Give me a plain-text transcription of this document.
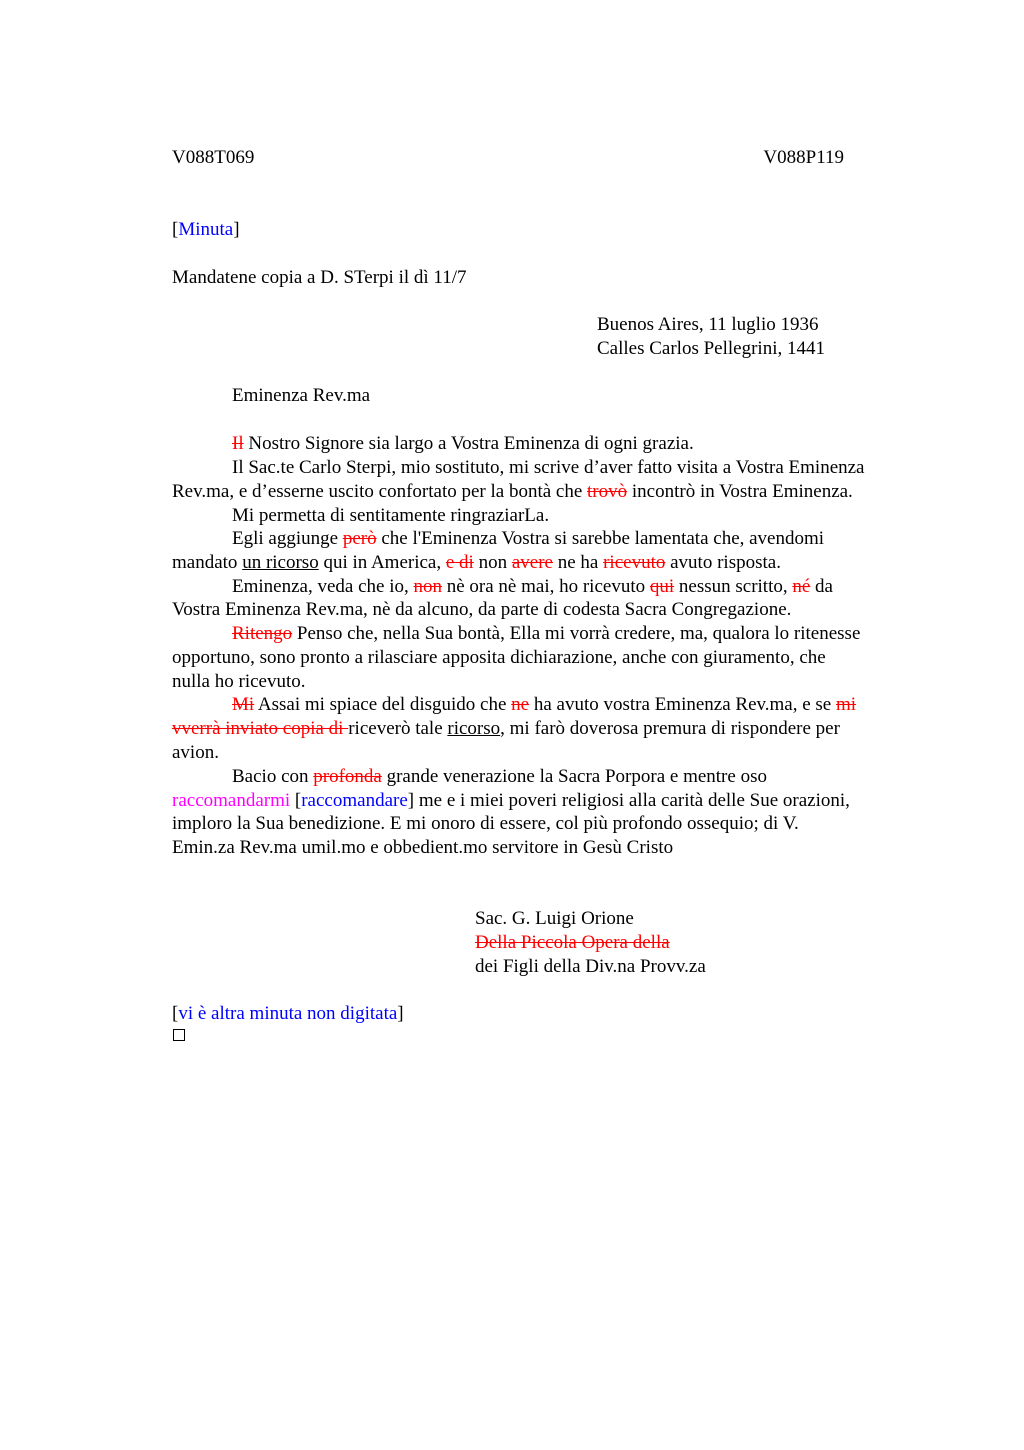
V088T069	V088P119
[Minuta]
Mandatene copia a D. STerpi il dì 11/7
Buenos Aires, 11 luglio 1936
Calles Carlos Pellegrini, 1441
Eminenza Rev.ma
Il Nostro Signore sia largo a Vostra Eminenza di ogni grazia.
Il Sac.te Carlo Sterpi, mio sostituto, mi scrive d’aver fatto visita a Vostra Eminenza
Rev.ma, e d’esserne uscito confortato per la bontà che trovò incontrò in Vostra Eminenza.
Mi permetta di sentitamente ringraziarLa.
Egli aggiunge però che l'Eminenza Vostra si sarebbe lamentata che, avendomi
mandato un ricorso qui in America, e di non avere ne ha ricevuto avuto risposta.
Eminenza, veda che io, non nè ora nè mai, ho ricevuto qui nessun scritto, né da
Vostra Eminenza Rev.ma, nè da alcuno, da parte di codesta Sacra Congregazione.
Ritengo Penso che, nella Sua bontà, Ella mi vorrà credere, ma, qualora lo ritenesse
opportuno, sono pronto a rilasciare apposita dichiarazione, anche con giuramento, che
nulla ho ricevuto.
Mi Assai mi spiace del disguido che ne ha avuto vostra Eminenza Rev.ma, e se mi
vverrà inviato copia di riceverò tale ricorso, mi farò doverosa premura di rispondere per
avion.
Bacio con profonda grande venerazione la Sacra Porpora e mentre oso
raccomandarmi [raccomandare] me e i miei poveri religiosi alla carità delle Sue orazioni,
imploro la Sua benedizione. E mi onoro di essere, col più profondo ossequio; di V.
Emin.za Rev.ma umil.mo e obbedient.mo servitore in Gesù Cristo
Sac. G. Luigi Orione
Della Piccola Opera della
dei Figli della Div.na Provv.za
[vi è altra minuta non digitata]
